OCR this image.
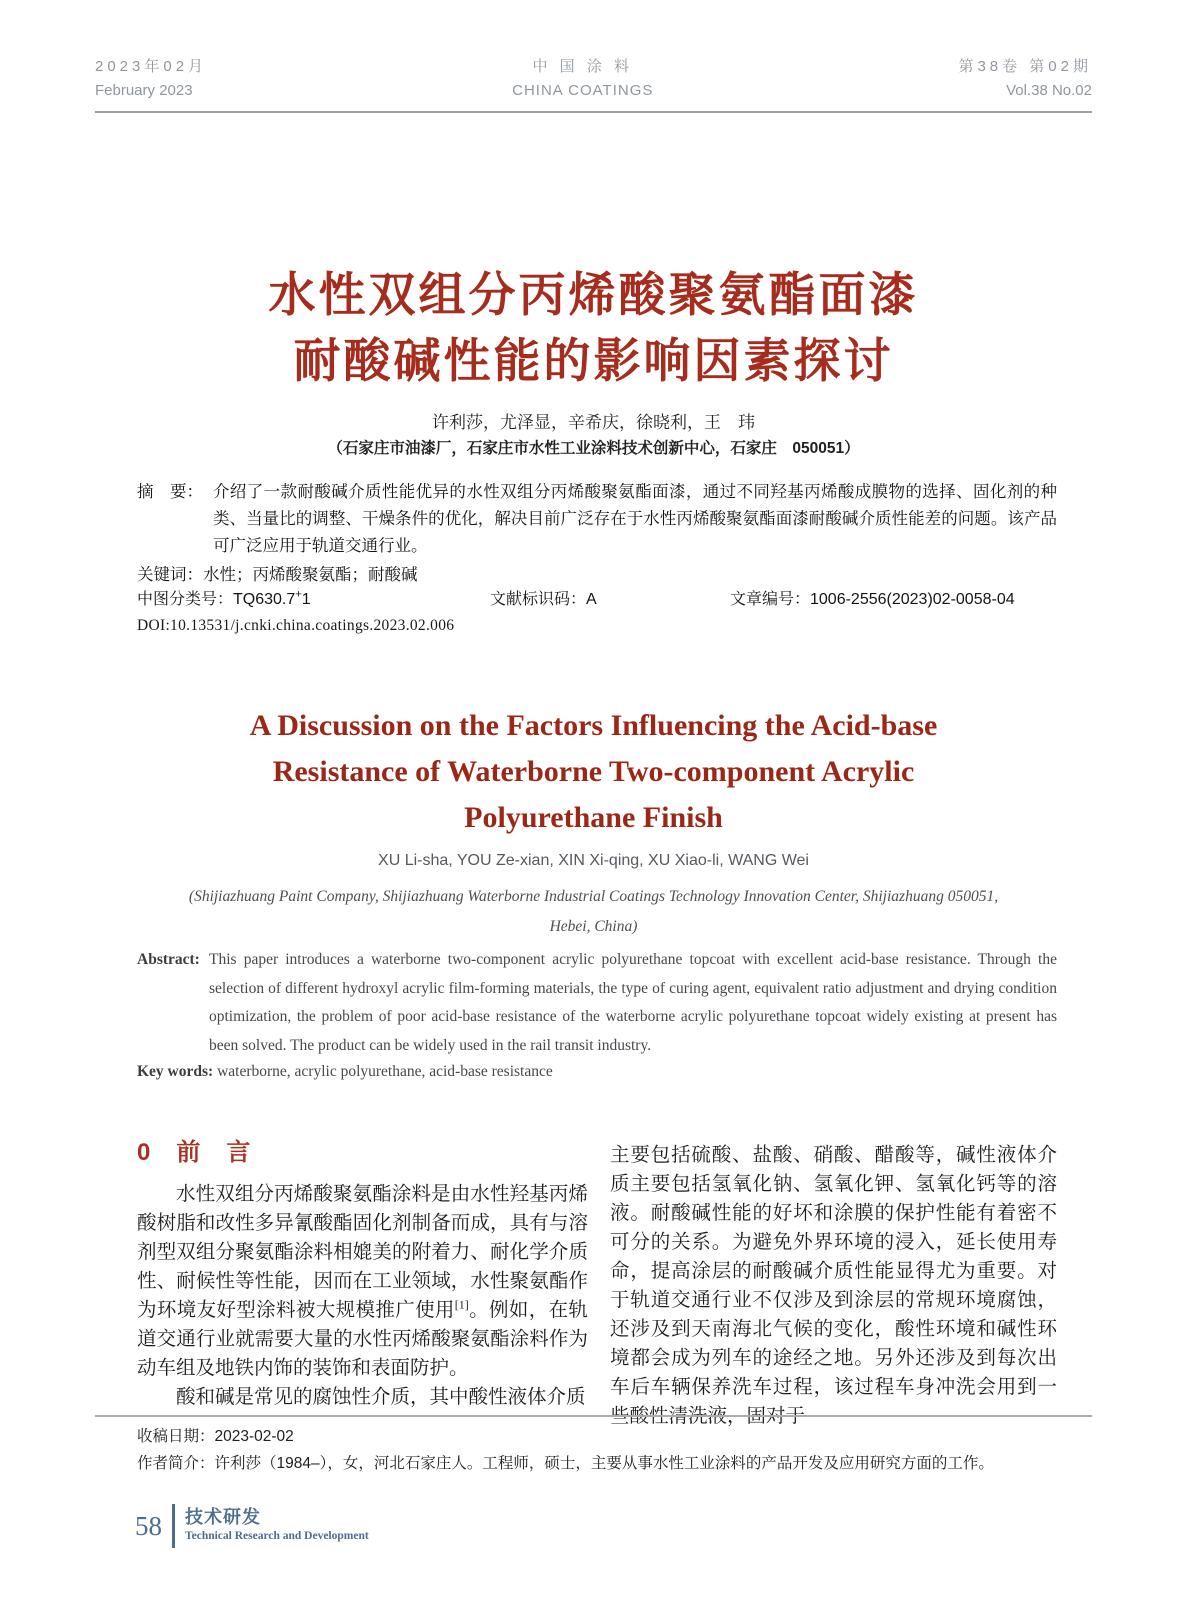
2023年02月
February 2023
中 国 涂 料
CHINA COATINGS
第38卷 第02期
Vol.38 No.02
水性双组分丙烯酸聚氨酯面漆
耐酸碱性能的影响因素探讨
许利莎，尤泽显，辛希庆，徐晓利，王　玮
（石家庄市油漆厂，石家庄市水性工业涂料技术创新中心，石家庄　050051）
摘　要： 介绍了一款耐酸碱介质性能优异的水性双组分丙烯酸聚氨酯面漆，通过不同羟基丙烯酸成膜物的选择、固化剂的种类、当量比的调整、干燥条件的优化，解决目前广泛存在于水性丙烯酸聚氨酯面漆耐酸碱介质性能差的问题。该产品可广泛应用于轨道交通行业。
关键词：水性；丙烯酸聚氨酯；耐酸碱
中图分类号：TQ630.7+1	文献标识码：A	文章编号：1006-2556(2023)02-0058-04
DOI:10.13531/j.cnki.china.coatings.2023.02.006
A Discussion on the Factors Influencing the Acid-base
Resistance of Waterborne Two-component Acrylic
Polyurethane Finish
XU Li-sha, YOU Ze-xian, XIN Xi-qing, XU Xiao-li, WANG Wei
(Shijiazhuang Paint Company, Shijiazhuang Waterborne Industrial Coatings Technology Innovation Center, Shijiazhuang 050051,
Hebei, China)
Abstract: This paper introduces a waterborne two-component acrylic polyurethane topcoat with excellent acid-base resistance. Through the selection of different hydroxyl acrylic film-forming materials, the type of curing agent, equivalent ratio adjustment and drying condition optimization, the problem of poor acid-base resistance of the waterborne acrylic polyurethane topcoat widely existing at present has been solved. The product can be widely used in the rail transit industry.
Key words: waterborne, acrylic polyurethane, acid-base resistance
0 前言

水性双组分丙烯酸聚氨酯涂料是由水性羟基丙烯酸树脂和改性多异氰酸酯固化剂制备而成，具有与溶剂型双组分聚氨酯涂料相媲美的附着力、耐化学介质性、耐候性等性能，因而在工业领域，水性聚氨酯作为环境友好型涂料被大规模推广使用[1]。例如，在轨道交通行业就需要大量的水性丙烯酸聚氨酯涂料作为动车组及地铁内饰的装饰和表面防护。

酸和碱是常见的腐蚀性介质，其中酸性液体介质

主要包括硫酸、盐酸、硝酸、醋酸等，碱性液体介质主要包括氢氧化钠、氢氧化钾、氢氧化钙等的溶液。耐酸碱性能的好坏和涂膜的保护性能有着密不可分的关系。为避免外界环境的浸入，延长使用寿命，提高涂层的耐酸碱介质性能显得尤为重要。对于轨道交通行业不仅涉及到涂层的常规环境腐蚀，还涉及到天南海北气候的变化，酸性环境和碱性环境都会成为列车的途经之地。另外还涉及到每次出车后车辆保养洗车过程，该过程车身冲洗会用到一些酸性清洗液，固对于

收稿日期：2023-02-02
作者简介：许利莎（1984–），女，河北石家庄人。工程师，硕士，主要从事水性工业涂料的产品开发及应用研究方面的工作。
58 技术研发
Technical Research and Development
